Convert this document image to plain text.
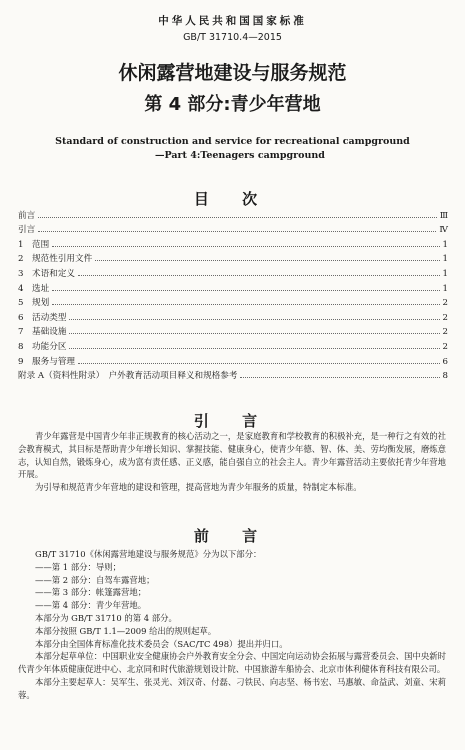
中华人民共和国国家标准
GB/T 31710.4—2015
休闲露营地建设与服务规范
第 4 部分:青少年营地
Standard of construction and service for recreational campground
—Part 4:Teenagers campground
目 次
前言	Ⅲ
引言	Ⅳ
1　范围	1
2　规范性引用文件	1
3　术语和定义	1
4　选址	1
5　规划	2
6　活动类型	2
7　基础设施	2
8　功能分区	2
9　服务与管理	6
附录 A（资料性附录）　户外教育活动项目释义和规格参考	8
引 言

青少年露营是中国青少年非正规教育的核心活动之一，是家庭教育和学校教育的积极补充，是一种行之有效的社会教育模式，其目标是帮助青少年增长知识、掌握技能、健康身心，使青少年德、智、体、美、劳均衡发展，磨炼意志，认知自然，锻炼身心，成为富有责任感、正义感，能自强自立的社会主人。青少年露营活动主要依托青少年营地开展。

为引导和规范青少年营地的建设和管理，提高营地为青少年服务的质量，特制定本标准。

前 言

GB/T 31710《休闲露营地建设与服务规范》分为以下部分：

——第 1 部分：导则；

——第 2 部分：自驾车露营地；

——第 3 部分：帐篷露营地；

——第 4 部分：青少年营地。

本部分为 GB/T 31710 的第 4 部分。

本部分按照 GB/T 1.1—2009 给出的规则起草。

本部分由全国体育标准化技术委员会（SAC/TC 498）提出并归口。

本部分起草单位：中国职业安全健康协会户外教育安全分会、中国定向运动协会拓展与露营委员会、国中央新时代青少年体质健康促进中心、北京同和时代旅游规划设计院、中国旅游车船协会、北京市体利健体育科技有限公司。

本部分主要起草人：吴军生、张灵光、刘汉奇、付磊、刁铁民、向志坚、杨书宏、马惠敏、命益武、刘童、宋莉蓉。
